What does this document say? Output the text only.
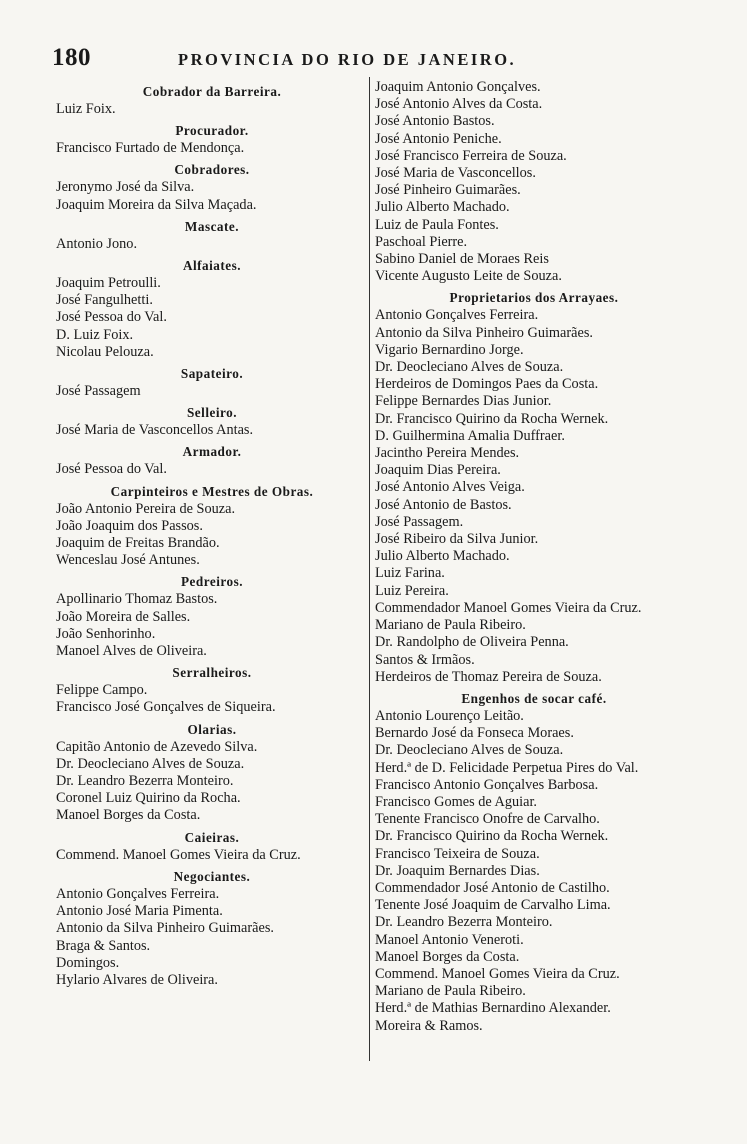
180	PROVINCIA DO RIO DE JANEIRO.
Cobrador da Barreira.
Luiz Foix.
Procurador.
Francisco Furtado de Mendonça.
Cobradores.
Jeronymo José da Silva.
Joaquim Moreira da Silva Maçada.
Mascate.
Antonio Jono.
Alfaiates.
Joaquim Petroulli.
José Fangulhetti.
José Pessoa do Val.
D. Luiz Foix.
Nicolau Pelouza.
Sapateiro.
José Passagem
Selleiro.
José Maria de Vasconcellos Antas.
Armador.
José Pessoa do Val.
Carpinteiros e Mestres de Obras.
João Antonio Pereira de Souza.
João Joaquim dos Passos.
Joaquim de Freitas Brandão.
Wenceslau José Antunes.
Pedreiros.
Apollinario Thomaz Bastos.
João Moreira de Salles.
João Senhorinho.
Manoel Alves de Oliveira.
Serralheiros.
Felippe Campo.
Francisco José Gonçalves de Siqueira.
Olarias.
Capitão Antonio de Azevedo Silva.
Dr. Deocleciano Alves de Souza.
Dr. Leandro Bezerra Monteiro.
Coronel Luiz Quirino da Rocha.
Manoel Borges da Costa.
Caieiras.
Commend. Manoel Gomes Vieira da Cruz.
Negociantes.
Antonio Gonçalves Ferreira.
Antonio José Maria Pimenta.
Antonio da Silva Pinheiro Guimarães.
Braga & Santos.
Domingos.
Hylario Alvares de Oliveira.
Joaquim Antonio Gonçalves.
José Antonio Alves da Costa.
José Antonio Bastos.
José Antonio Peniche.
José Francisco Ferreira de Souza.
José Maria de Vasconcellos.
José Pinheiro Guimarães.
Julio Alberto Machado.
Luiz de Paula Fontes.
Paschoal Pierre.
Sabino Daniel de Moraes Reis
Vicente Augusto Leite de Souza.
Proprietarios dos Arrayaes.
Antonio Gonçalves Ferreira.
Antonio da Silva Pinheiro Guimarães.
Vigario Bernardino Jorge.
Dr. Deocleciano Alves de Souza.
Herdeiros de Domingos Paes da Costa.
Felippe Bernardes Dias Junior.
Dr. Francisco Quirino da Rocha Wernek.
D. Guilhermina Amalia Duffraer.
Jacintho Pereira Mendes.
Joaquim Dias Pereira.
José Antonio Alves Veiga.
José Antonio de Bastos.
José Passagem.
José Ribeiro da Silva Junior.
Julio Alberto Machado.
Luiz Farina.
Luiz Pereira.
Commendador Manoel Gomes Vieira da Cruz.
Mariano de Paula Ribeiro.
Dr. Randolpho de Oliveira Penna.
Santos & Irmãos.
Herdeiros de Thomaz Pereira de Souza.
Engenhos de socar café.
Antonio Lourenço Leitão.
Bernardo José da Fonseca Moraes.
Dr. Deocleciano Alves de Souza.
Herd.ª de D. Felicidade Perpetua Pires do Val.
Francisco Antonio Gonçalves Barbosa.
Francisco Gomes de Aguiar.
Tenente Francisco Onofre de Carvalho.
Dr. Francisco Quirino da Rocha Wernek.
Francisco Teixeira de Souza.
Dr. Joaquim Bernardes Dias.
Commendador José Antonio de Castilho.
Tenente José Joaquim de Carvalho Lima.
Dr. Leandro Bezerra Monteiro.
Manoel Antonio Veneroti.
Manoel Borges da Costa.
Commend. Manoel Gomes Vieira da Cruz.
Mariano de Paula Ribeiro.
Herd.ª de Mathias Bernardino Alexander.
Moreira & Ramos.
